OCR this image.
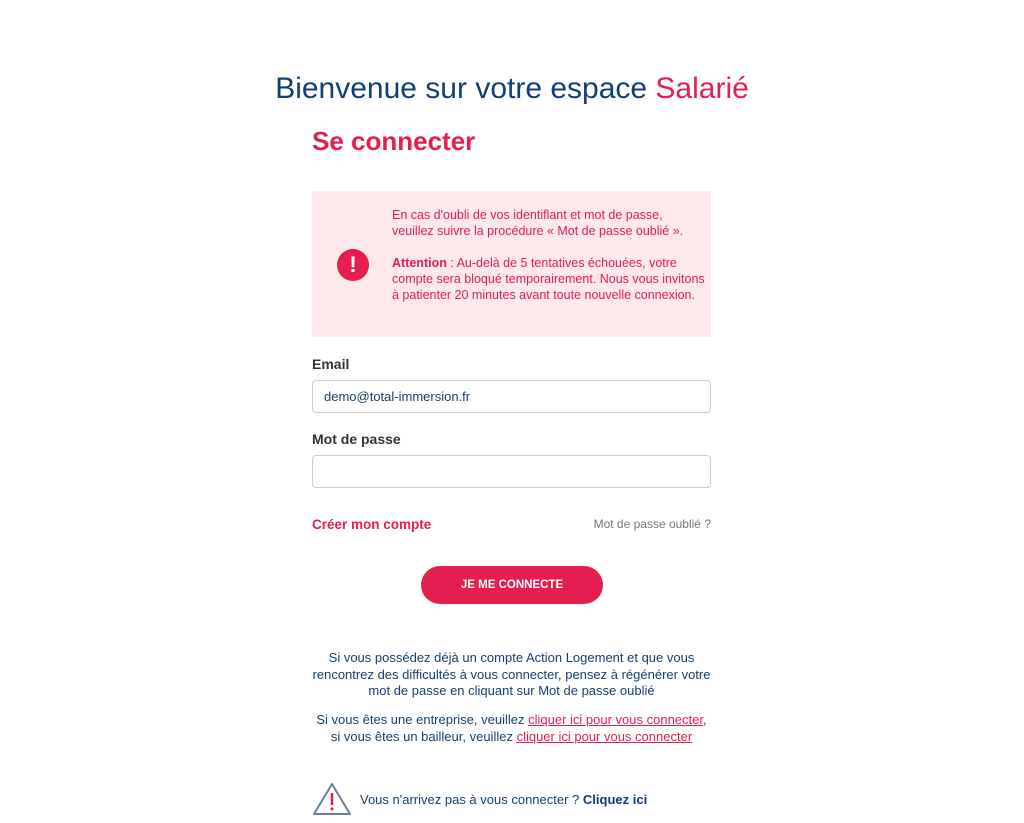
Bienvenue sur votre espace Salarié
Se connecter
!

En cas d'oubli de vos identiflant et mot de passe, veuillez suivre la procédure « Mot de passe oublié ».

Attention : Au-delà de 5 tentatives échouées, votre compte sera bloqué temporairement. Nous vous invitons à patienter 20 minutes avant toute nouvelle connexion.

Email
demo@total-immersion.fr
Mot de passe
Créer mon compte	Mot de passe oublié ?
JE ME CONNECTE

Si vous possédez déjà un compte Action Logement et que vous rencontrez des difficultés à vous connecter, pensez à régénérer votre mot de passe en cliquant sur Mot de passe oublié

Si vous êtes une entreprise, veuillez cliquer ici pour vous connecter, si vous êtes un bailleur, veuillez cliquer ici pour vous connecter

Vous n'arrivez pas à vous connecter ? Cliquez ici
